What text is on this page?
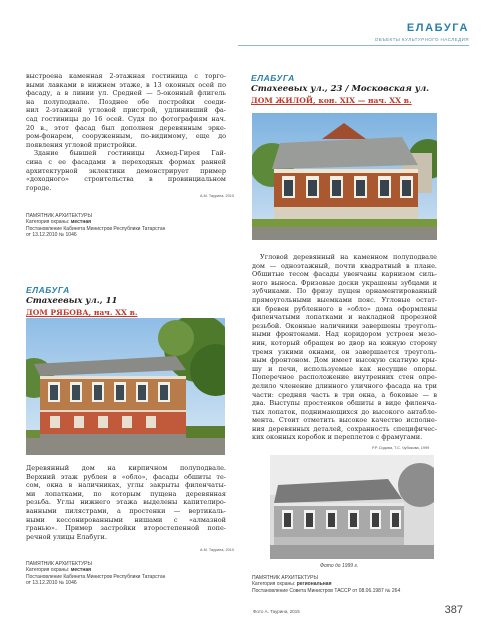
ЕЛАБУГА
ОБЪЕКТЫ КУЛЬТУРНОГО НАСЛЕДИЯ
выстроена каменная 2-этажная гостиница с торго-
выми лавками в нижнем этаже, в 13 оконных осей по
фасаду, а в линии ул. Средней — 5-оконный флигель
на полуподвале. Позднее обе постройки соеди-
нил 2-этажной угловой пристрой, удлинивший фа-
сад гостиницы до 16 осей. Судя по фотографиям нач.
20 в., этот фасад был дополнен деревянным эрке-
ром-фонарем, сооруженным, по-видимому, еще до
появления угловой пристройки.
Здание бывшей гостиницы Ахмед-Гирея Гай-
сина с ее фасадами в переходных формах ранней
архитектурной эклектики демонстрирует пример
«доходного» строительства в провинциальном
городе.
А.М. Таурина, 2010
ПАМЯТНИК АРХИТЕКТУРЫ
Категория охраны: местная
Постановление Кабинета Министров Республики Татарстан
от 13.12.2010 № 1046
ЕЛАБУГА
Стахеевых ул., 11
ДОМ РЯБОВА, нач. ХХ в.
Деревянный дом на кирпичном полуподвале.
Верхний этаж рублен в «обло», фасады обшиты те-
сом, окна в наличниках, углы закрыты филенчаты-
ми лопатками, по которым пущена деревянная
резьба. Углы нижнего этажа выделены капителиро-
ванными пилястрами, а простенки — вертикаль-
ными кессонированными нишами с «алмазной
гранью». Пример застройки второстепенной попе-
речной улицы Елабуги.
А.М. Таурина, 2010
ПАМЯТНИК АРХИТЕКТУРЫ
Категория охраны: местная
Постановление Кабинета Министров Республики Татарстан
от 13.12.2010 № 1046
ЕЛАБУГА
Стахеевых ул., 23 / Московская ул.
ДОМ ЖИЛОЙ, кон. XIX — нач. ХХ в.
Угловой деревянный на каменном полуподвале
дом — одноэтажный, почти квадратный в плане.
Обшитые тесом фасады увенчаны карнизом силь-
ного выноса. Фризовые доски украшены зубцами и
зубчиками. По фризу пущен орнаментированный
прямоугольными выемками пояс. Угловые остат-
ки бревен рубленного в «обло» дома оформлены
филенчатыми лопатками и накладной прорезной
резьбой. Оконные наличники завершены треуголь-
ными фронтонами. Над коридором устроен мезо-
нин, который обращен во двор на южную сторону
тремя узкими окнами, он завершается треуголь-
ным фронтоном. Дом имеет высокую скатную кры-
шу и печи, используемые как несущие опоры.
Поперечное расположение внутренних стен опре-
делило членение длинного уличного фасада на три
части: средняя часть в три окна, а боковые — в
два. Выступы простенков обшиты в виде филенча-
тых лопаток, поднимающихся до высокого антабле-
мента. Стоит отметить высокое качество исполне-
ния деревянных деталей, сохранность специфичес-
ких оконных коробок и переплетов с фрамугами.
Р.Р. Сидова, Т.С. Чубикова, 1999
Фото до 1999 г.
ПАМЯТНИК АРХИТЕКТУРЫ
Категория охраны: региональная
Постановление Совета Министров ТАССР от 08.06.1987 № 264
Фото А. Таурина, 2015	387
